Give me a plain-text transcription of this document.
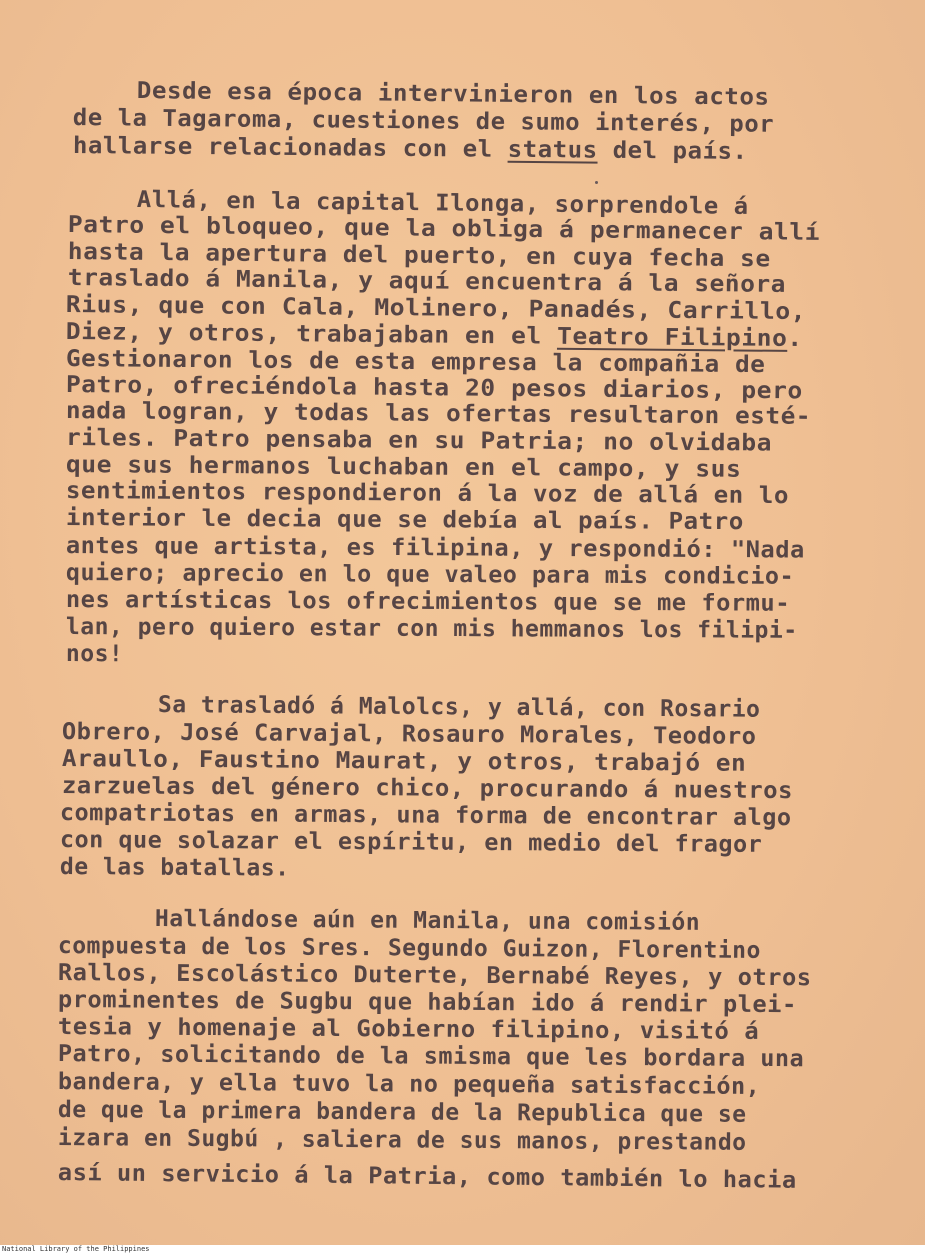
Desde esa época intervinieron en los actos
de la Tagaroma, cuestiones de sumo interés, por
hallarse relacionadas con el status del país.
Allá, en la capital Ilonga, sorprendole á
Patro el bloqueo, que la obliga á permanecer allí
hasta la apertura del puerto, en cuya fecha se
traslado á Manila, y aquí encuentra á la señora
Rius, que con Cala, Molinero, Panadés, Carrillo,
Diez, y otros, trabajaban en el Teatro Filipino.
Gestionaron los de esta empresa la compañia de
Patro, ofreciéndola hasta 20 pesos diarios, pero
nada logran, y todas las ofertas resultaron esté-
riles. Patro pensaba en su Patria; no olvidaba
que sus hermanos luchaban en el campo, y sus
sentimientos respondieron á la voz de allá en lo
interior le decia que se debía al país. Patro
antes que artista, es filipina, y respondió: "Nada
quiero; aprecio en lo que valeo para mis condicio-
nes artísticas los ofrecimientos que se me formu-
lan, pero quiero estar con mis hemmanos los filipi-
nos!
Sa trasladó á Malolcs, y allá, con Rosario
Obrero, José Carvajal, Rosauro Morales, Teodoro
Araullo, Faustino Maurat, y otros, trabajó en
zarzuelas del género chico, procurando á nuestros
compatriotas en armas, una forma de encontrar algo
con que solazar el espíritu, en medio del fragor
de las batallas.
Hallándose aún en Manila, una comisión
compuesta de los Sres. Segundo Guizon, Florentino
Rallos, Escolástico Duterte, Bernabé Reyes, y otros
prominentes de Sugbu que habían ido á rendir plei-
tesia y homenaje al Gobierno filipino, visitó á
Patro, solicitando de la smisma que les bordara una
bandera, y ella tuvo la no pequeña satisfacción,
de que la primera bandera de la Republica que se
izara en Sugbú , saliera de sus manos, prestando
así un servicio á la Patria, como también lo hacia
National Library of the Philippines
